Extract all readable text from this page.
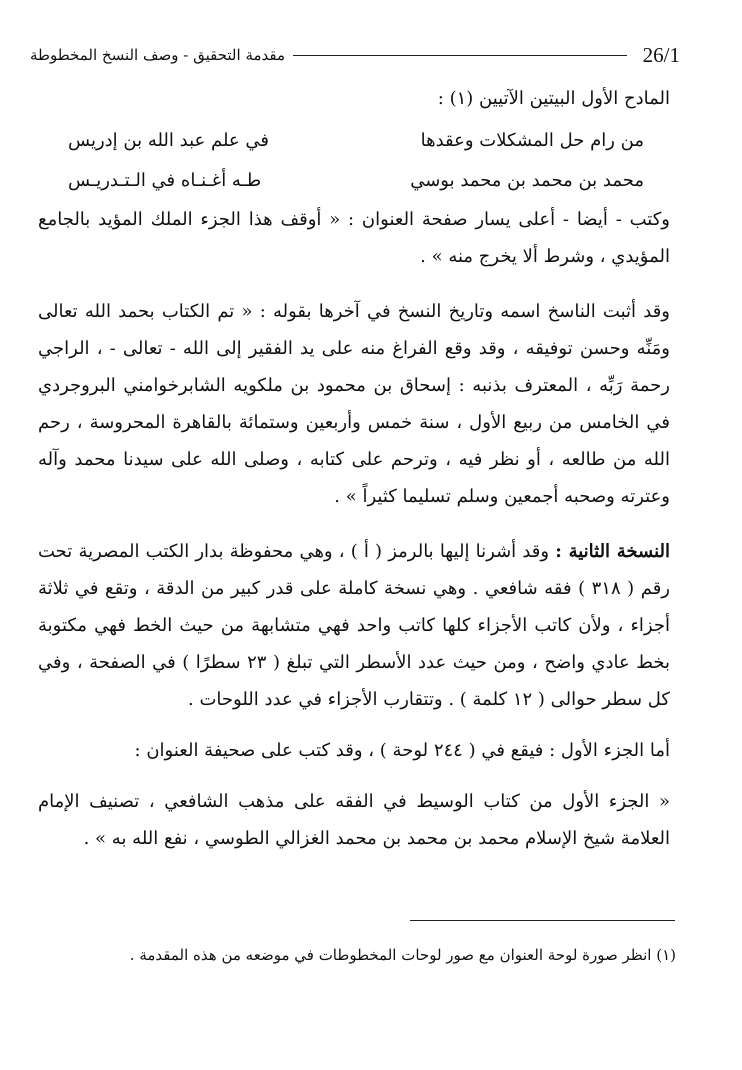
26/1
مقدمة التحقيق - وصف النسخ المخطوطة

المادح الأول البيتين الآتيين (١) :

من رام حل المشكلات وعقدها
في علم عبد الله بن إدريس
محمد بن محمد بن محمد بوسي
طـه أغـنـاه في الـتـدريـس

وكتب - أيضا - أعلى يسار صفحة العنوان : « أوقف هذا الجزء الملك المؤيد بالجامع المؤيدي ، وشرط ألا يخرج منه » .

وقد أثبت الناسخ اسمه وتاريخ النسخ في آخرها بقوله : « تم الكتاب بحمد الله تعالى ومَنِّه وحسن توفيقه ، وقد وقع الفراغ منه على يد الفقير إلى الله - تعالى - ، الراجي رحمة رَبِّه ، المعترف بذنبه : إسحاق بن محمود بن ملكويه الشابرخوامني البروجردي في الخامس من ربيع الأول ، سنة خمس وأربعين وستمائة بالقاهرة المحروسة ، رحم الله من طالعه ، أو نظر فيه ، وترحم على كتابه ، وصلى الله على سيدنا محمد وآله وعترته وصحبه أجمعين وسلم تسليما كثيراً » .

النسخة الثانية : وقد أشرنا إليها بالرمز ( أ ) ، وهي محفوظة بدار الكتب المصرية تحت رقم ( ٣١٨ ) فقه شافعي . وهي نسخة كاملة على قدر كبير من الدقة ، وتقع في ثلاثة أجزاء ، ولأن كاتب الأجزاء كلها كاتب واحد فهي متشابهة من حيث الخط فهي مكتوبة بخط عادي واضح ، ومن حيث عدد الأسطر التي تبلغ ( ٢٣ سطرًا ) في الصفحة ، وفي كل سطر حوالى ( ١٢ كلمة ) . وتتقارب الأجزاء في عدد اللوحات .

أما الجزء الأول : فيقع في ( ٢٤٤ لوحة ) ، وقد كتب على صحيفة العنوان :

« الجزء الأول من كتاب الوسيط في الفقه على مذهب الشافعي ، تصنيف الإمام العلامة شيخ الإسلام محمد بن محمد بن محمد الغزالي الطوسي ، نفع الله به » .

(١) انظر صورة لوحة العنوان مع صور لوحات المخطوطات في موضعه من هذه المقدمة .
